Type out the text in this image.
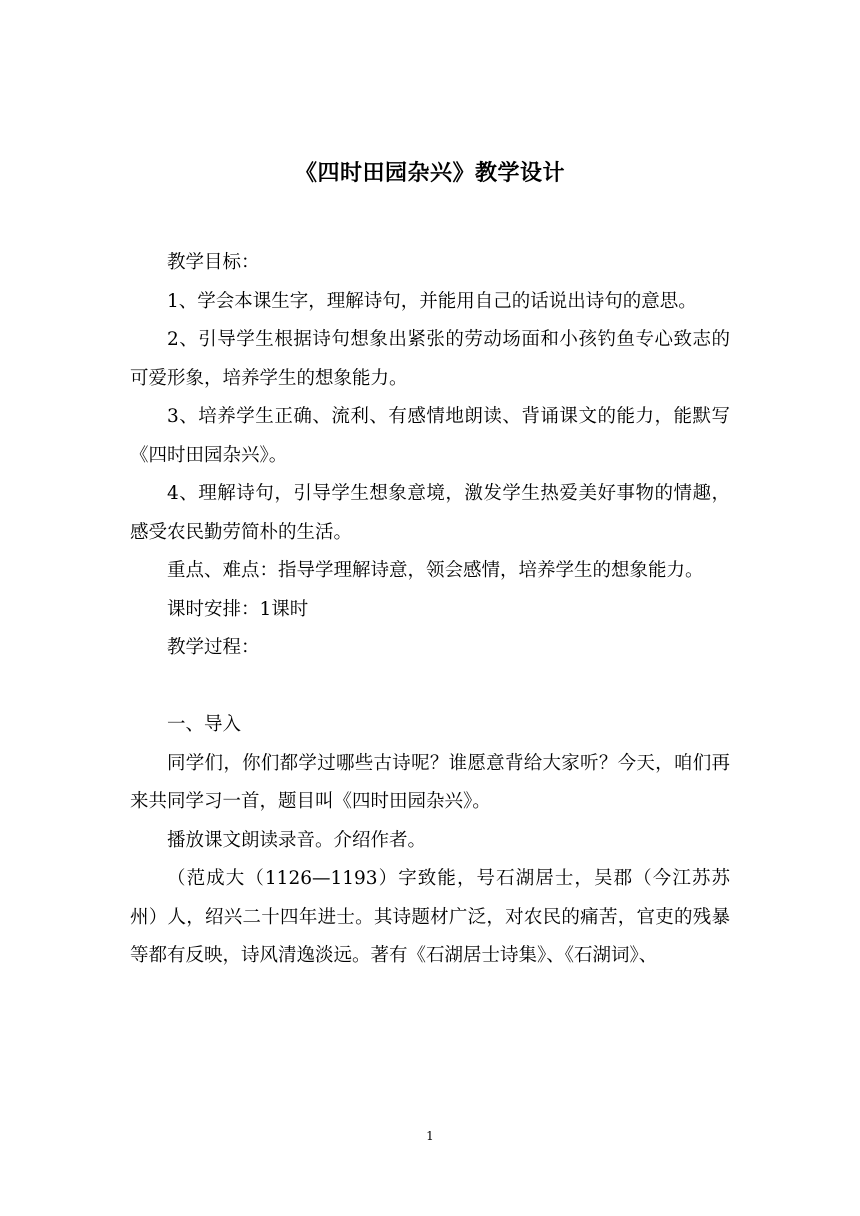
《四时田园杂兴》教学设计

教学目标：

1、学会本课生字，理解诗句，并能用自己的话说出诗句的意思。

2、引导学生根据诗句想象出紧张的劳动场面和小孩钓鱼专心致志的可爱形象，培养学生的想象能力。

3、培养学生正确、流利、有感情地朗读、背诵课文的能力，能默写《四时田园杂兴》。

4、理解诗句，引导学生想象意境，激发学生热爱美好事物的情趣，感受农民勤劳简朴的生活。

重点、难点：指导学理解诗意，领会感情，培养学生的想象能力。

课时安排：1课时

教学过程：

一、导入

同学们，你们都学过哪些古诗呢？谁愿意背给大家听？今天，咱们再来共同学习一首，题目叫《四时田园杂兴》。

播放课文朗读录音。介绍作者。

（范成大（1126—1193）字致能，号石湖居士，吴郡（今江苏苏州）人，绍兴二十四年进士。其诗题材广泛，对农民的痛苦，官吏的残暴等都有反映，诗风清逸淡远。著有《石湖居士诗集》、《石湖词》、

1
